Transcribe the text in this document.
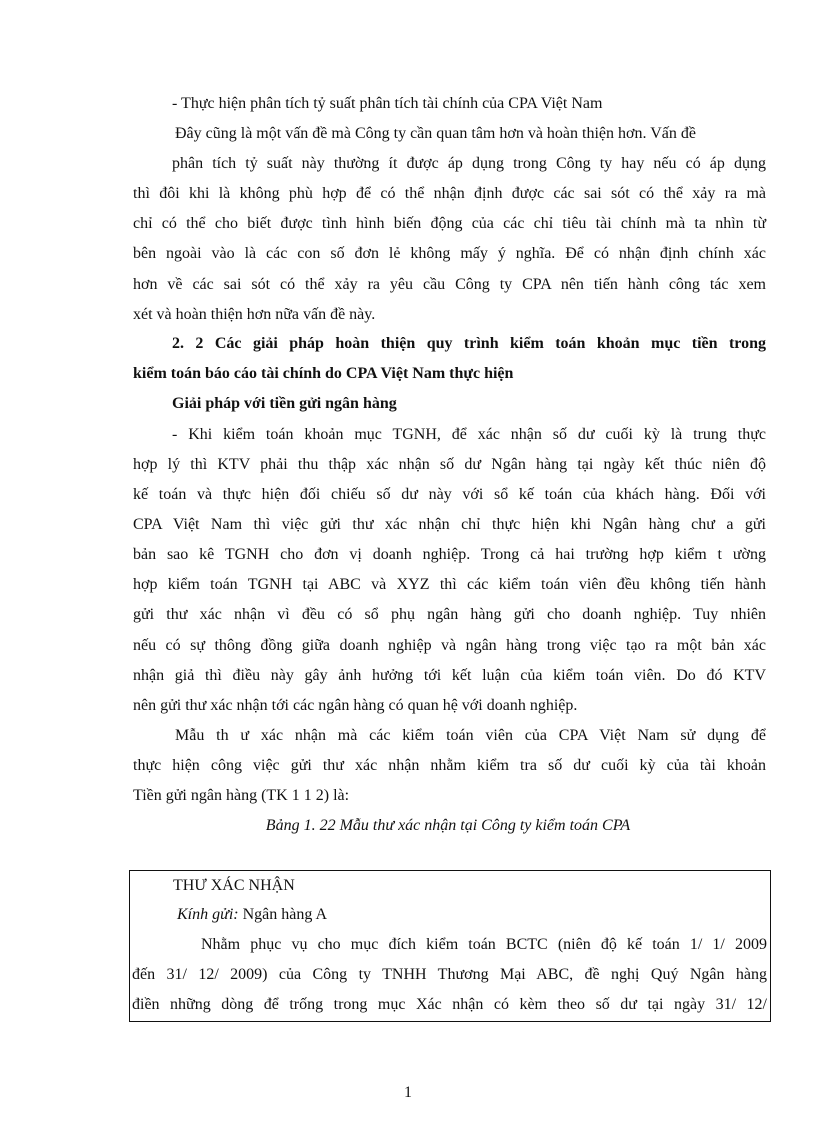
- Thực hiện phân tích tỷ suất phân tích tài chính của CPA Việt Nam
Đây cũng là một vấn đề mà Công ty cần quan tâm hơn và hoàn thiện hơn. Vấn đề
phân tích tỷ suất này thường ít được áp dụng trong Công ty hay nếu có áp dụng
thì đôi khi là không phù hợp để có thể nhận định được các sai sót có thể xảy ra mà
chỉ có thể cho biết được tình hình biến động của các chỉ tiêu tài chính mà ta nhìn từ
bên ngoài vào là các con số đơn lẻ không mấy ý nghĩa. Để có nhận định chính xác
hơn về các sai sót có thể xảy ra yêu cầu Công ty CPA nên tiến hành công tác xem
xét và hoàn thiện hơn nữa vấn đề này.
2. 2 Các giải pháp hoàn thiện quy trình kiểm toán khoản mục tiền trong
kiểm toán báo cáo tài chính do CPA Việt Nam thực hiện
Giải pháp với tiền gửi ngân hàng
- Khi kiểm toán khoản mục TGNH, để xác nhận số dư cuối kỳ là trung thực
hợp lý thì KTV phải thu thập xác nhận số dư Ngân hàng tại ngày kết thúc niên độ
kế toán và thực hiện đối chiếu số dư này với sổ kế toán của khách hàng. Đối với
CPA Việt Nam thì việc gửi thư xác nhận chỉ thực hiện khi Ngân hàng chư a gửi
bản sao kê TGNH cho đơn vị doanh nghiệp. Trong cả hai trường hợp kiểm t ường
hợp kiểm toán TGNH tại ABC và XYZ thì các kiểm toán viên đều không tiến hành
gửi thư xác nhận vì đều có sổ phụ ngân hàng gửi cho doanh nghiệp. Tuy nhiên
nếu có sự thông đồng giữa doanh nghiệp và ngân hàng trong việc tạo ra một bản xác
nhận giả thì điều này gây ảnh hưởng tới kết luận của kiểm toán viên. Do đó KTV
nên gửi thư xác nhận tới các ngân hàng có quan hệ với doanh nghiệp.
Mẫu th ư xác nhận mà các kiểm toán viên của CPA Việt Nam sử dụng để
thực hiện công việc gửi thư xác nhận nhằm kiểm tra số dư cuối kỳ của tài khoản
Tiền gửi ngân hàng (TK 1 1 2) là:
Bảng 1. 22 Mẫu thư xác nhận tại Công ty kiểm toán CPA
THƯ XÁC NHẬN
Kính gửi: Ngân hàng A
Nhằm phục vụ cho mục đích kiểm toán BCTC (niên độ kế toán 1/ 1/ 2009
đến 31/ 12/ 2009) của Công ty TNHH Thương Mại ABC, đề nghị Quý Ngân hàng
điền những dòng để trống trong mục Xác nhận có kèm theo số dư tại ngày 31/ 12/
1
